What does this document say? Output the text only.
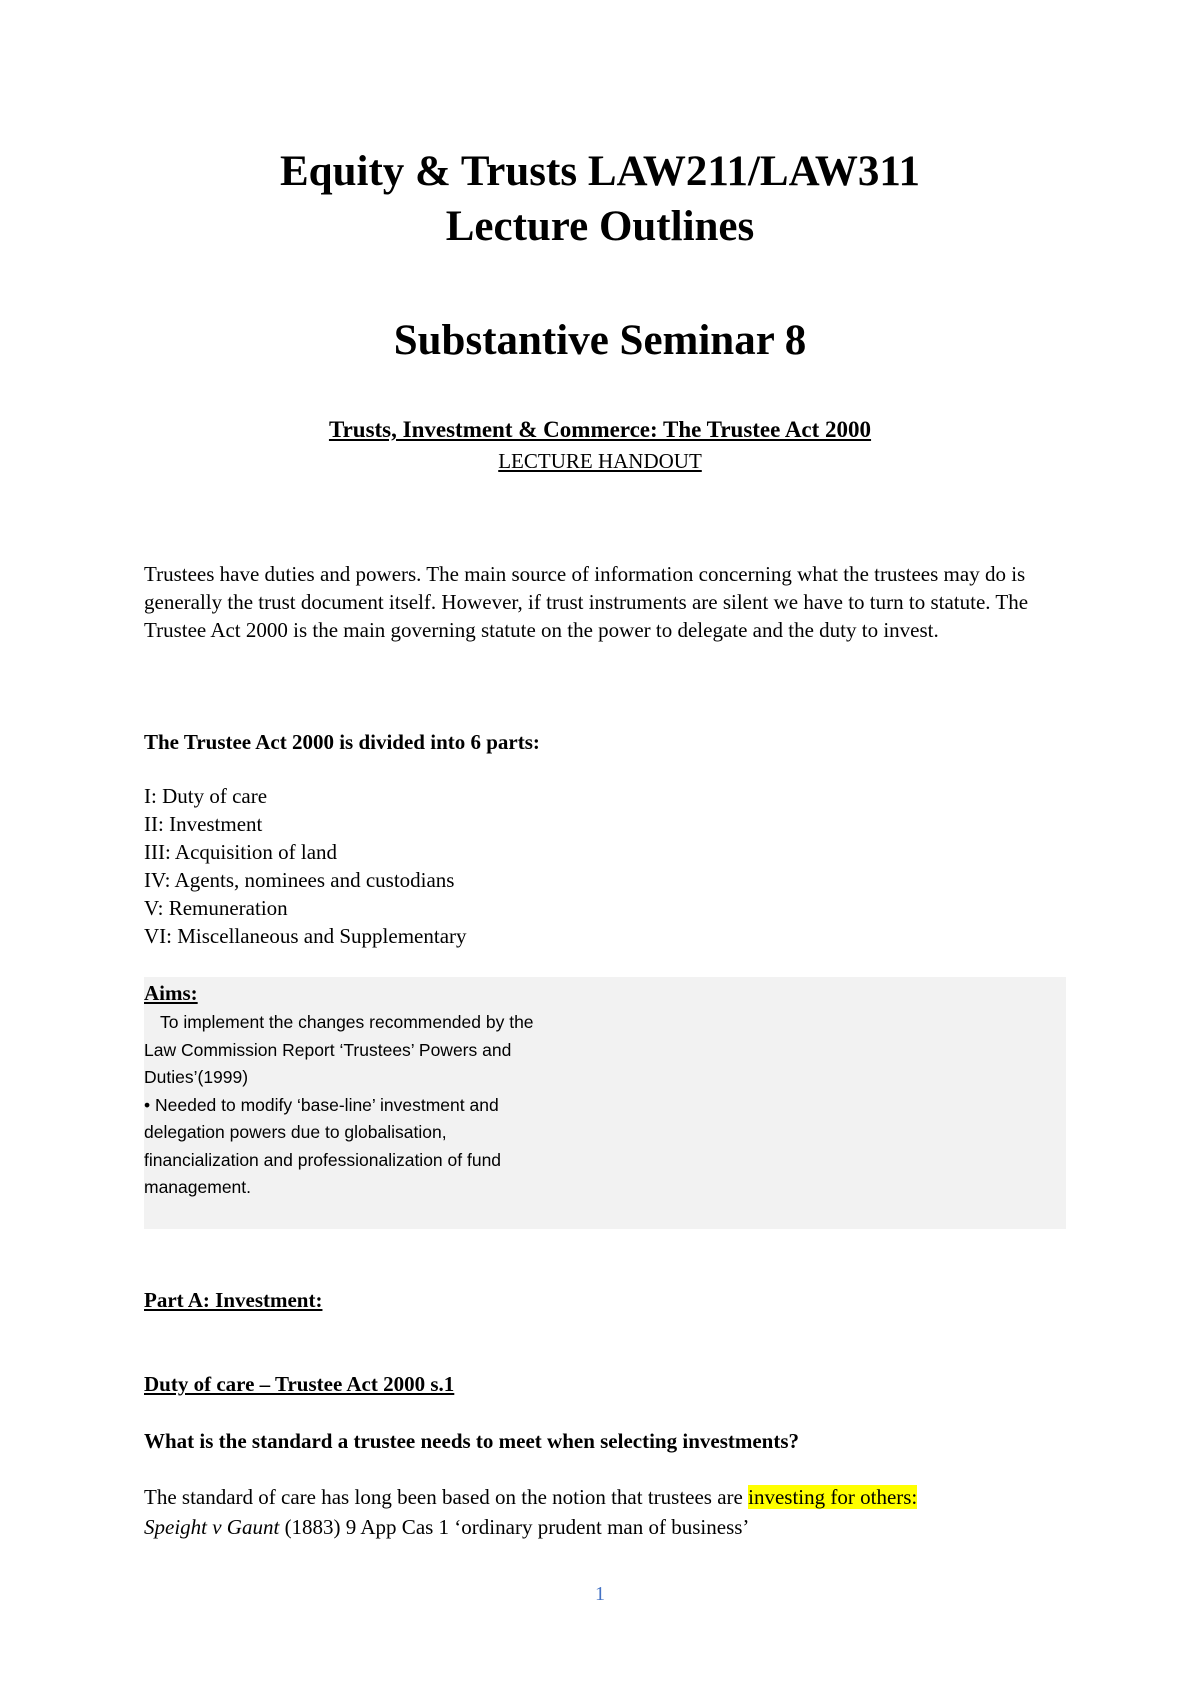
Equity & Trusts LAW211/LAW311
Lecture Outlines
Substantive Seminar 8

Trusts, Investment & Commerce: The Trustee Act 2000

LECTURE HANDOUT

Trustees have duties and powers. The main source of information concerning what the trustees may do is generally the trust document itself. However, if trust instruments are silent we have to turn to statute. The Trustee Act 2000 is the main governing statute on the power to delegate and the duty to invest.

The Trustee Act 2000 is divided into 6 parts:

I: Duty of care
II: Investment
III: Acquisition of land
IV: Agents, nominees and custodians
V: Remuneration
VI: Miscellaneous and Supplementary

Aims:

To implement the changes recommended by the
Law Commission Report ‘Trustees’ Powers and
Duties’(1999)
• Needed to modify ‘base-line’ investment and
delegation powers due to globalisation,
financialization and professionalization of fund
management.

Part A: Investment:

Duty of care – Trustee Act 2000 s.1

What is the standard a trustee needs to meet when selecting investments?

The standard of care has long been based on the notion that trustees are investing for others:
Speight v Gaunt (1883) 9 App Cas 1 ‘ordinary prudent man of business’

1
